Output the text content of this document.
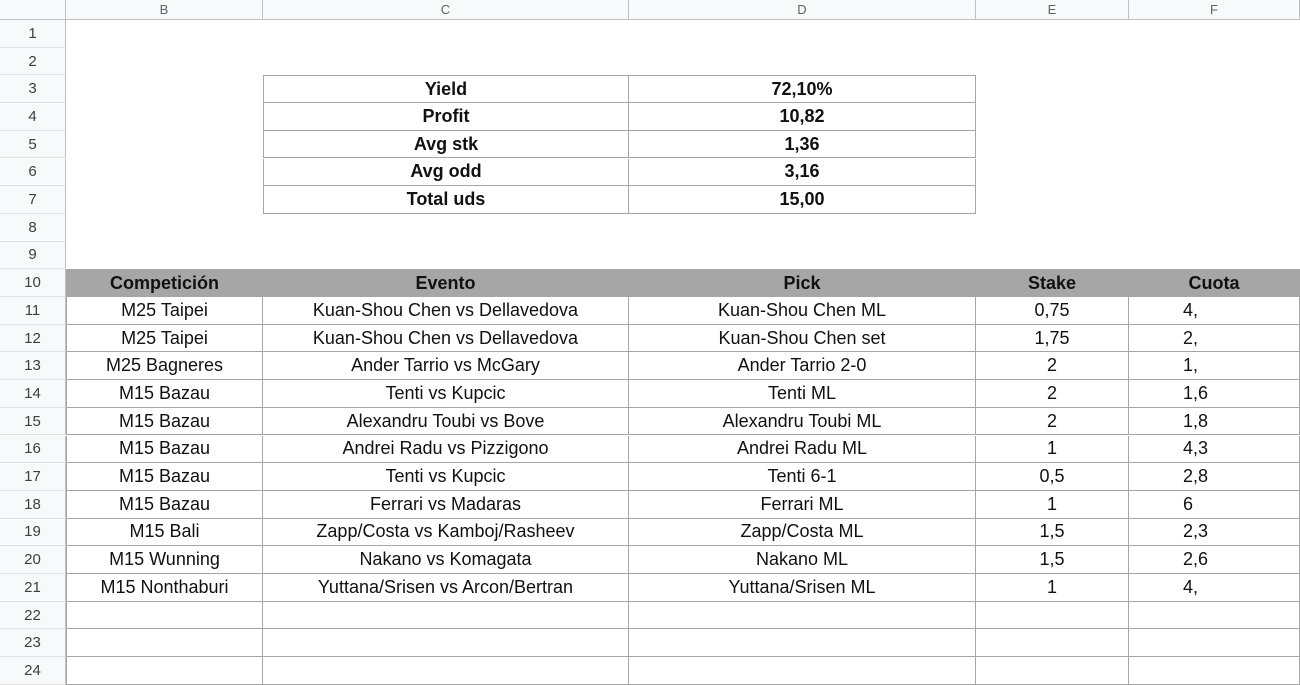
B	C	D	E	F
1
2
3
4
5
6
7
8
9
10
11
12
13
14
15
16
17
18
19
20
21
22
23
24
Yield	72,10%
Profit	10,82
Avg stk	1,36
Avg odd	3,16
Total uds	15,00
Competición	Evento	Pick	Stake	Cuota
M25 Taipei	Kuan-Shou Chen vs Dellavedova	Kuan-Shou Chen ML	0,75	4,
M25 Taipei	Kuan-Shou Chen vs Dellavedova	Kuan-Shou Chen set	1,75	2,
M25 Bagneres	Ander Tarrio vs McGary	Ander Tarrio 2-0	2	1,
M15 Bazau	Tenti vs Kupcic	Tenti ML	2	1,6
M15 Bazau	Alexandru Toubi vs Bove	Alexandru Toubi ML	2	1,8
M15 Bazau	Andrei Radu vs Pizzigono	Andrei Radu ML	1	4,3
M15 Bazau	Tenti vs Kupcic	Tenti 6-1	0,5	2,8
M15 Bazau	Ferrari vs Madaras	Ferrari ML	1	6
M15 Bali	Zapp/Costa vs Kamboj/Rasheev	Zapp/Costa ML	1,5	2,3
M15 Wunning	Nakano vs Komagata	Nakano ML	1,5	2,6
M15 Nonthaburi	Yuttana/Srisen vs Arcon/Bertran	Yuttana/Srisen ML	1	4,
